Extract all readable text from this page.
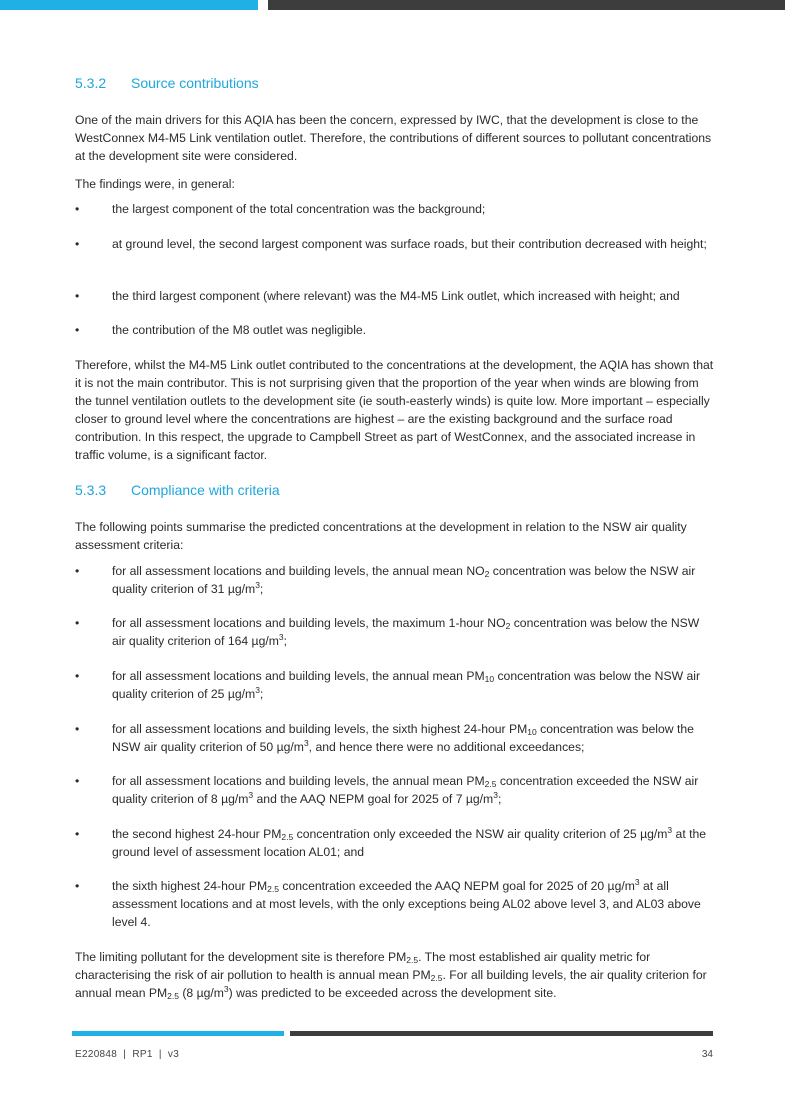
5.3.2 Source contributions

One of the main drivers for this AQIA has been the concern, expressed by IWC, that the development is close to the WestConnex M4-M5 Link ventilation outlet. Therefore, the contributions of different sources to pollutant concentrations at the development site were considered.

The findings were, in general:

•	the largest component of the total concentration was the background;
•	at ground level, the second largest component was surface roads, but their contribution decreased with height;
•	the third largest component (where relevant) was the M4-M5 Link outlet, which increased with height; and
•	the contribution of the M8 outlet was negligible.

Therefore, whilst the M4-M5 Link outlet contributed to the concentrations at the development, the AQIA has shown that it is not the main contributor. This is not surprising given that the proportion of the year when winds are blowing from the tunnel ventilation outlets to the development site (ie south-easterly winds) is quite low. More important – especially closer to ground level where the concentrations are highest – are the existing background and the surface road contribution. In this respect, the upgrade to Campbell Street as part of WestConnex, and the associated increase in traffic volume, is a significant factor.

5.3.3 Compliance with criteria

The following points summarise the predicted concentrations at the development in relation to the NSW air quality assessment criteria:

•	for all assessment locations and building levels, the annual mean $NO_2$ concentration was below the NSW air quality criterion of 31 $\mu g/m^3$;
•	for all assessment locations and building levels, the maximum 1-hour $NO_2$ concentration was below the NSW air quality criterion of 164 $\mu g/m^3$;
•	for all assessment locations and building levels, the annual mean $PM_{10}$ concentration was below the NSW air quality criterion of 25 $\mu g/m^3$;
•	for all assessment locations and building levels, the sixth highest 24-hour $PM_{10}$ concentration was below the NSW air quality criterion of 50 $\mu g/m^3$, and hence there were no additional exceedances;
•	for all assessment locations and building levels, the annual mean $PM_{2.5}$ concentration exceeded the NSW air quality criterion of 8 $\mu g/m^3$ and the AAQ NEPM goal for 2025 of 7 $\mu g/m^3$;
•	the second highest 24-hour $PM_{2.5}$ concentration only exceeded the NSW air quality criterion of 25 $\mu g/m^3$ at the ground level of assessment location AL01; and
•	the sixth highest 24-hour $PM_{2.5}$ concentration exceeded the AAQ NEPM goal for 2025 of 20 $\mu g/m^3$ at all assessment locations and at most levels, with the only exceptions being AL02 above level 3, and AL03 above level 4.

The limiting pollutant for the development site is therefore $PM_{2.5}$. The most established air quality metric for characterising the risk of air pollution to health is annual mean $PM_{2.5}$. For all building levels, the air quality criterion for annual mean $PM_{2.5}$ (8 $\mu g/m^3$) was predicted to be exceeded across the development site.

E220848  |  RP1  |  v3	34
